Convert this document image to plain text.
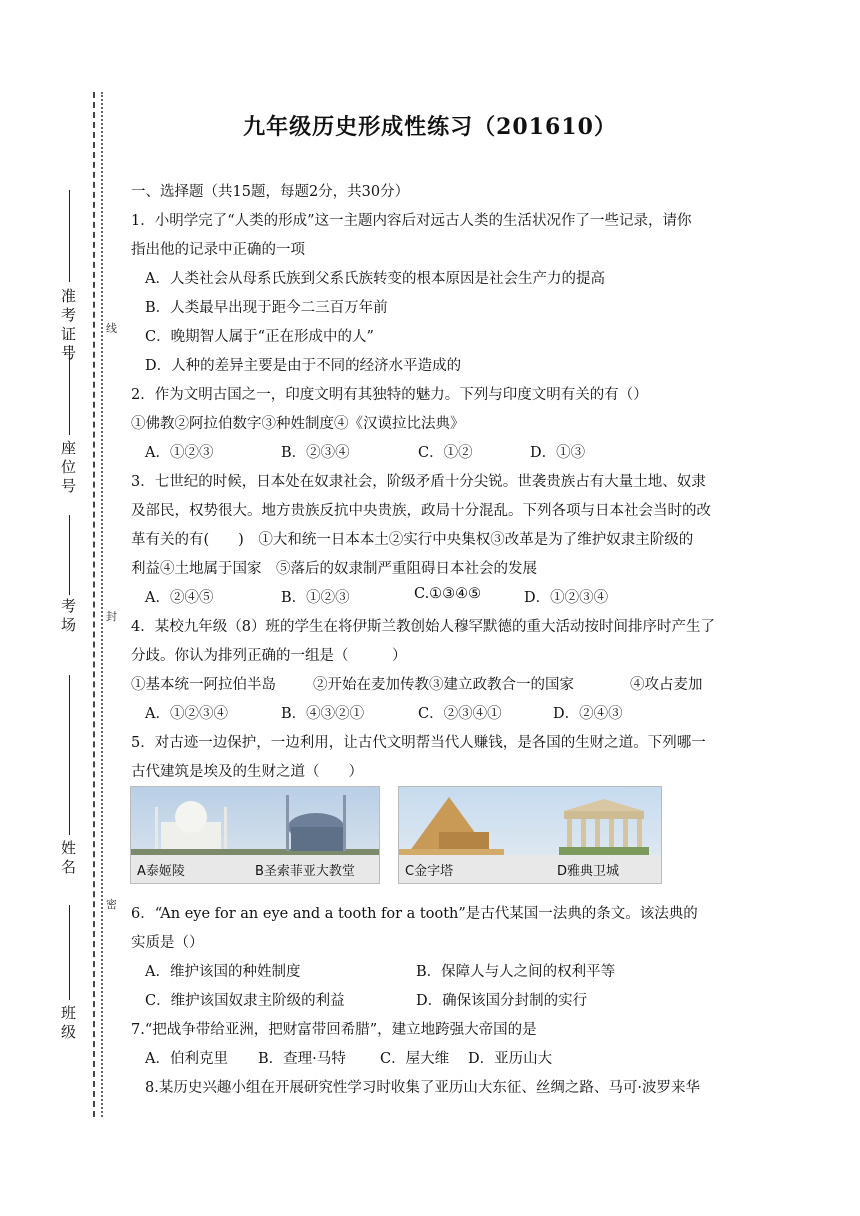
准考证号
座位号
考场
姓名
班级
线
封
密
九年级历史形成性练习（201610）
一、选择题（共15题，每题2分，共30分）
1．小明学完了“人类的形成”这一主题内容后对远古人类的生活状况作了一些记录，请你
指出他的记录中正确的一项
A．人类社会从母系氏族到父系氏族转变的根本原因是社会生产力的提高
B．人类最早出现于距今二三百万年前
C．晚期智人属于“正在形成中的人”
D．人种的差异主要是由于不同的经济水平造成的
2．作为文明古国之一，印度文明有其独特的魅力。下列与印度文明有关的有（）
①佛教②阿拉伯数字③种姓制度④《汉谟拉比法典》
A．①②③	B．②③④	C．①②	D．①③
3．七世纪的时候，日本处在奴隶社会，阶级矛盾十分尖锐。世袭贵族占有大量土地、奴隶
及部民，权势很大。地方贵族反抗中央贵族，政局十分混乱。下列各项与日本社会当时的改
革有关的有(　　)　①大和统一日本本土②实行中央集权③改革是为了维护奴隶主阶级的
利益④土地属于国家　⑤落后的奴隶制严重阻碍日本社会的发展
A．②④⑤	B．①②③	C.①③④⑤	D．①②③④
4．某校九年级（8）班的学生在将伊斯兰教创始人穆罕默德的重大活动按时间排序时产生了
分歧。你认为排列正确的一组是（　　　）
①基本统一阿拉伯半岛	②开始在麦加传教③建立政教合一的国家	④攻占麦加
A．①②③④	B．④③②①	C．②③④①	D．②④③
5．对古迹一边保护，一边利用，让古代文明帮当代人赚钱，是各国的生财之道。下列哪一
古代建筑是埃及的生财之道（　　）
A泰姬陵	B圣索菲亚大教堂	C金字塔	D雅典卫城
6．“An eye for an eye and a tooth for a tooth”是古代某国一法典的条文。该法典的
实质是（）
A．维护该国的种姓制度	B．保障人与人之间的权利平等
C．维护该国奴隶主阶级的利益	D．确保该国分封制的实行
7.“把战争带给亚洲，把财富带回希腊”，建立地跨强大帝国的是
A．伯利克里 B．查理·马特 C．屋大维 D．亚历山大
8.某历史兴趣小组在开展研究性学习时收集了亚历山大东征、丝绸之路、马可·波罗来华
